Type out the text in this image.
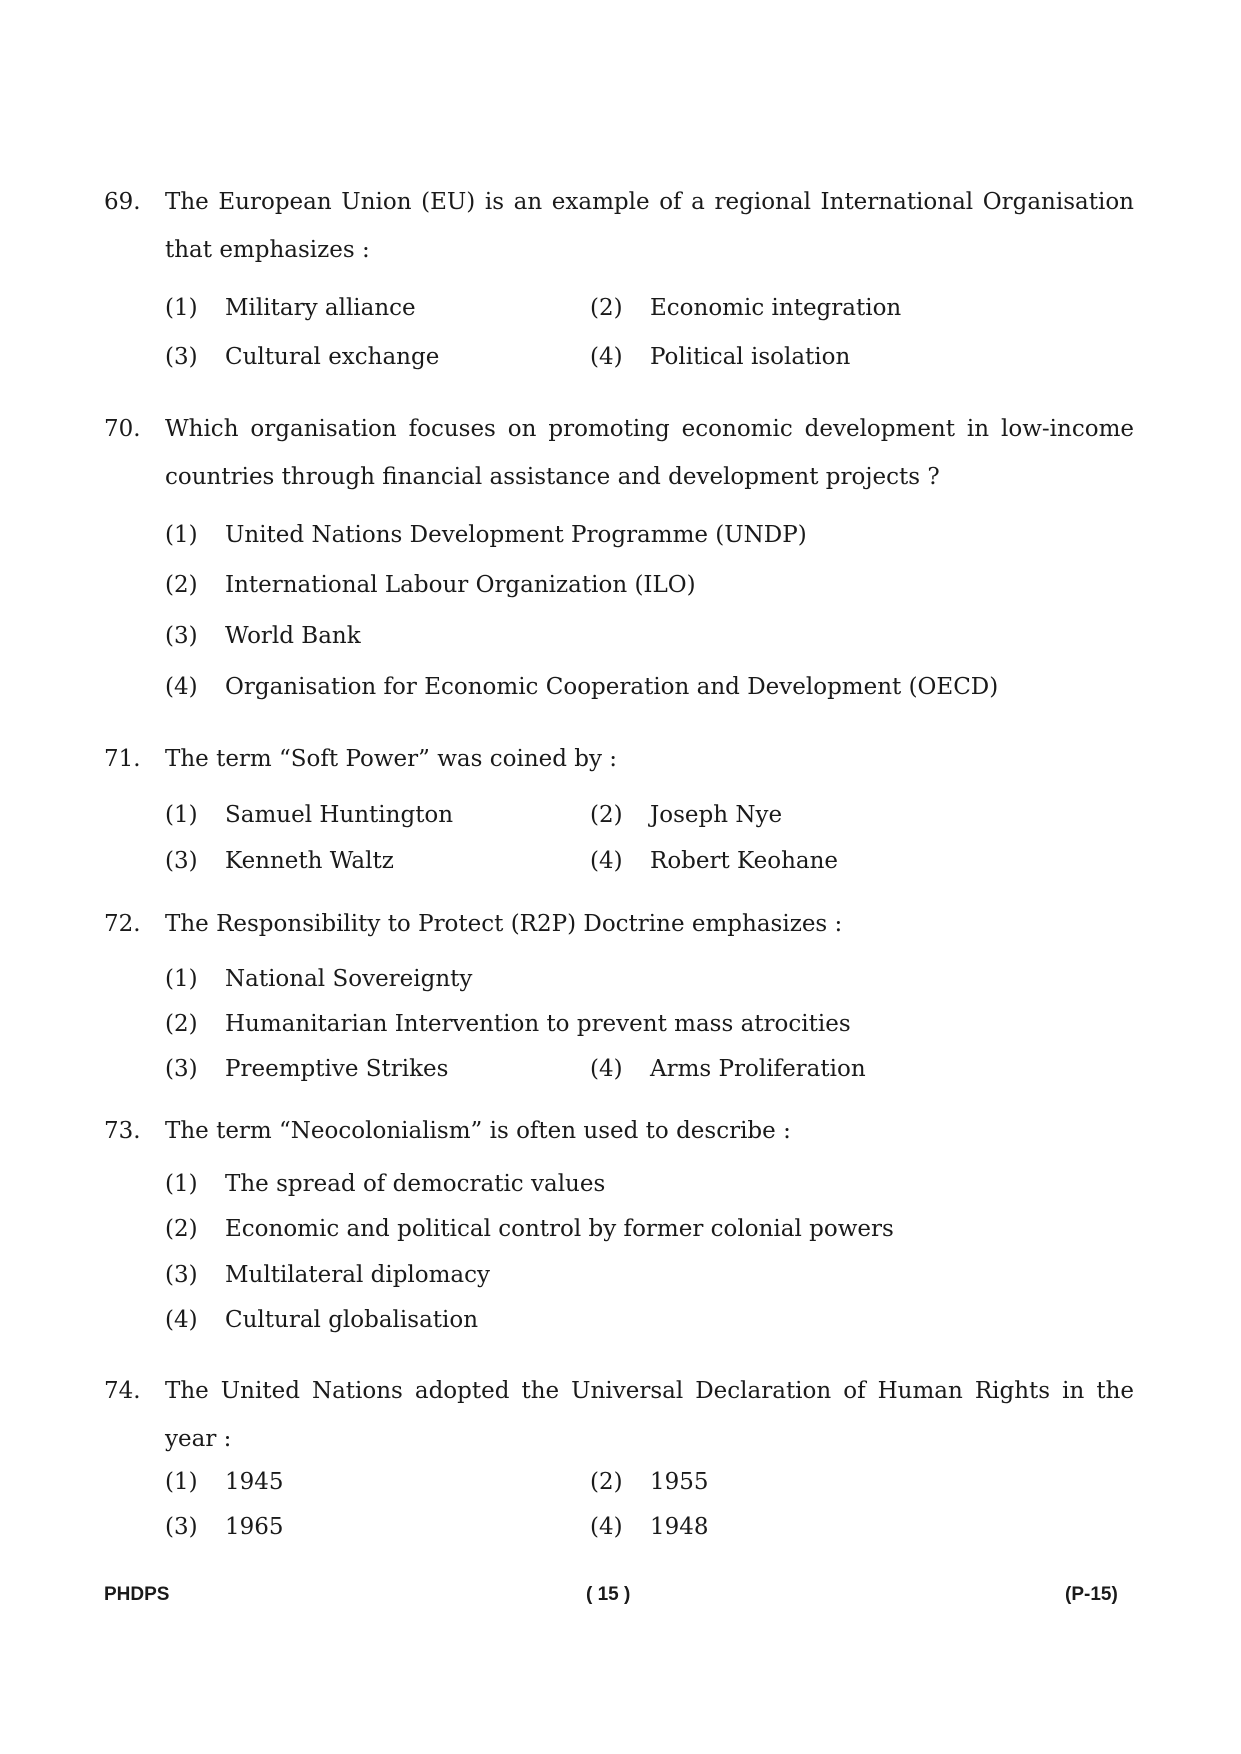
69.	The European Union (EU) is an example of a regional International Organisation
that emphasizes :
(1) Military alliance	(2) Economic integration
(3) Cultural exchange	(4) Political isolation
70.	Which organisation focuses on promoting economic development in low-income
countries through financial assistance and development projects ?
(1) United Nations Development Programme (UNDP)
(2) International Labour Organization (ILO)
(3) World Bank
(4) Organisation for Economic Cooperation and Development (OECD)
71.	The term “Soft Power” was coined by :
(1) Samuel Huntington	(2) Joseph Nye
(3) Kenneth Waltz	(4) Robert Keohane
72.	The Responsibility to Protect (R2P) Doctrine emphasizes :
(1) National Sovereignty
(2) Humanitarian Intervention to prevent mass atrocities
(3) Preemptive Strikes	(4) Arms Proliferation
73.	The term “Neocolonialism” is often used to describe :
(1) The spread of democratic values
(2) Economic and political control by former colonial powers
(3) Multilateral diplomacy
(4) Cultural globalisation
74.	The United Nations adopted the Universal Declaration of Human Rights in the
year :
(1) 1945	(2) 1955
(3) 1965	(4) 1948
PHDPS	( 15 )	(P-15)
